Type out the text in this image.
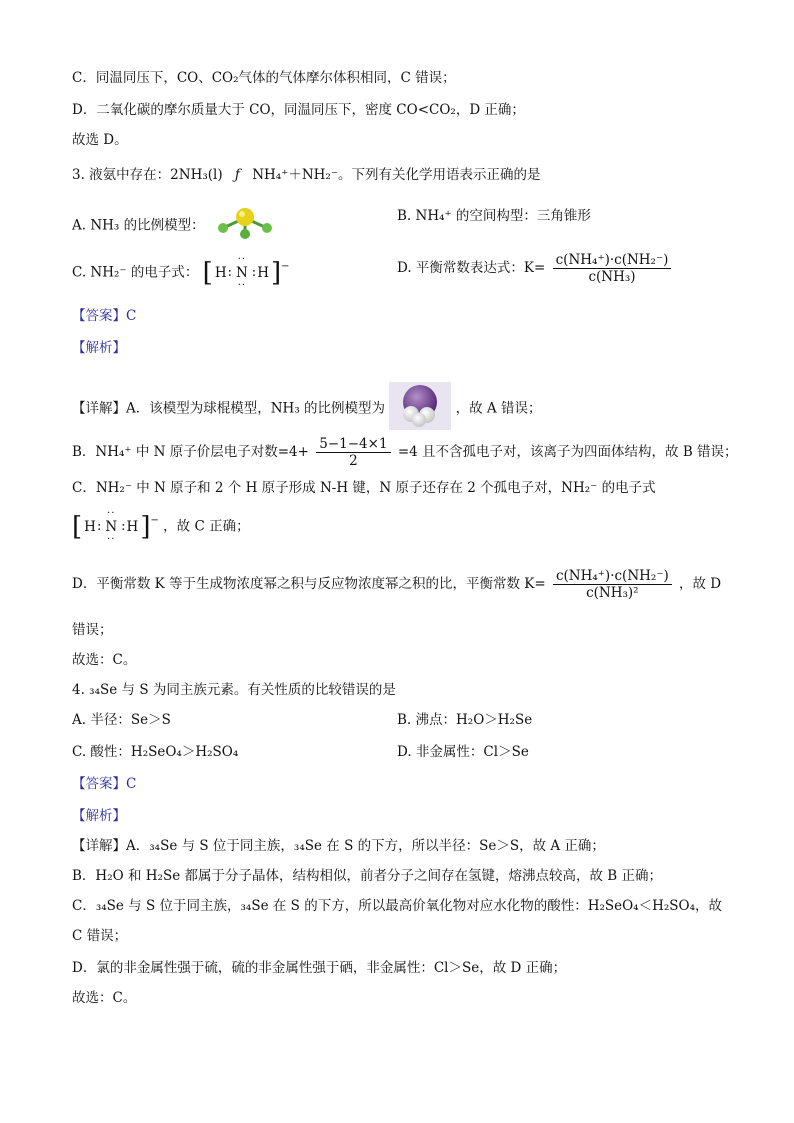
C．同温同压下，CO、CO₂气体的气体摩尔体积相同，C 错误；
D．二氧化碳的摩尔质量大于 CO，同温同压下，密度 CO<CO₂，D 正确；
故选 D。
3. 液氨中存在：2NH₃(l) ƒ NH₄⁺＋NH₂⁻。下列有关化学用语表示正确的是
A. NH₃ 的比例模型：
B. NH₄⁺ 的空间构型：三角锥形
C. NH₂⁻ 的电子式： [ H :
··
N
··
: H ] −	D. 平衡常数表达式：$K= \frac{\text{c(NH₄⁺)·c(NH₂⁻)}}{\text{c(NH₃)}}$
【答案】C
【解析】
【详解】A．该模型为球棍模型，NH₃ 的比例模型为	，故 A 错误；
B．NH₄⁺ 中 N 原子价层电子对数$=4+ \frac{5-1-4\times 1}{2} =4$ 且不含孤电子对，该离子为四面体结构，故 B 错误；
C．NH₂⁻ 中 N 原子和 2 个 H 原子形成 N-H 键，N 原子还存在 2 个孤电子对，NH₂⁻ 的电子式
[ H :
··
N
··
: H ] − ，故 C 正确；
D．平衡常数 K 等于生成物浓度幂之积与反应物浓度幂之积的比，平衡常数 $K= \frac{\text{c(NH₄⁺)·c(NH₂⁻)}}{\text{c(NH₃)²}}$ ，故 D
错误；
故选：C。
4. ₃₄Se 与 S 为同主族元素。有关性质的比较错误的是
A. 半径：Se＞S	B. 沸点：H₂O＞H₂Se
C. 酸性：H₂SeO₄＞H₂SO₄	D. 非金属性：Cl＞Se
【答案】C
【解析】
【详解】A．₃₄Se 与 S 位于同主族，₃₄Se 在 S 的下方，所以半径：Se＞S，故 A 正确；
B．H₂O 和 H₂Se 都属于分子晶体，结构相似，前者分子之间存在氢键，熔沸点较高，故 B 正确；
C．₃₄Se 与 S 位于同主族，₃₄Se 在 S 的下方，所以最高价氧化物对应水化物的酸性：H₂SeO₄＜H₂SO₄，故
C 错误；
D．氯的非金属性强于硫，硫的非金属性强于硒，非金属性：Cl＞Se，故 D 正确；
故选：C。
